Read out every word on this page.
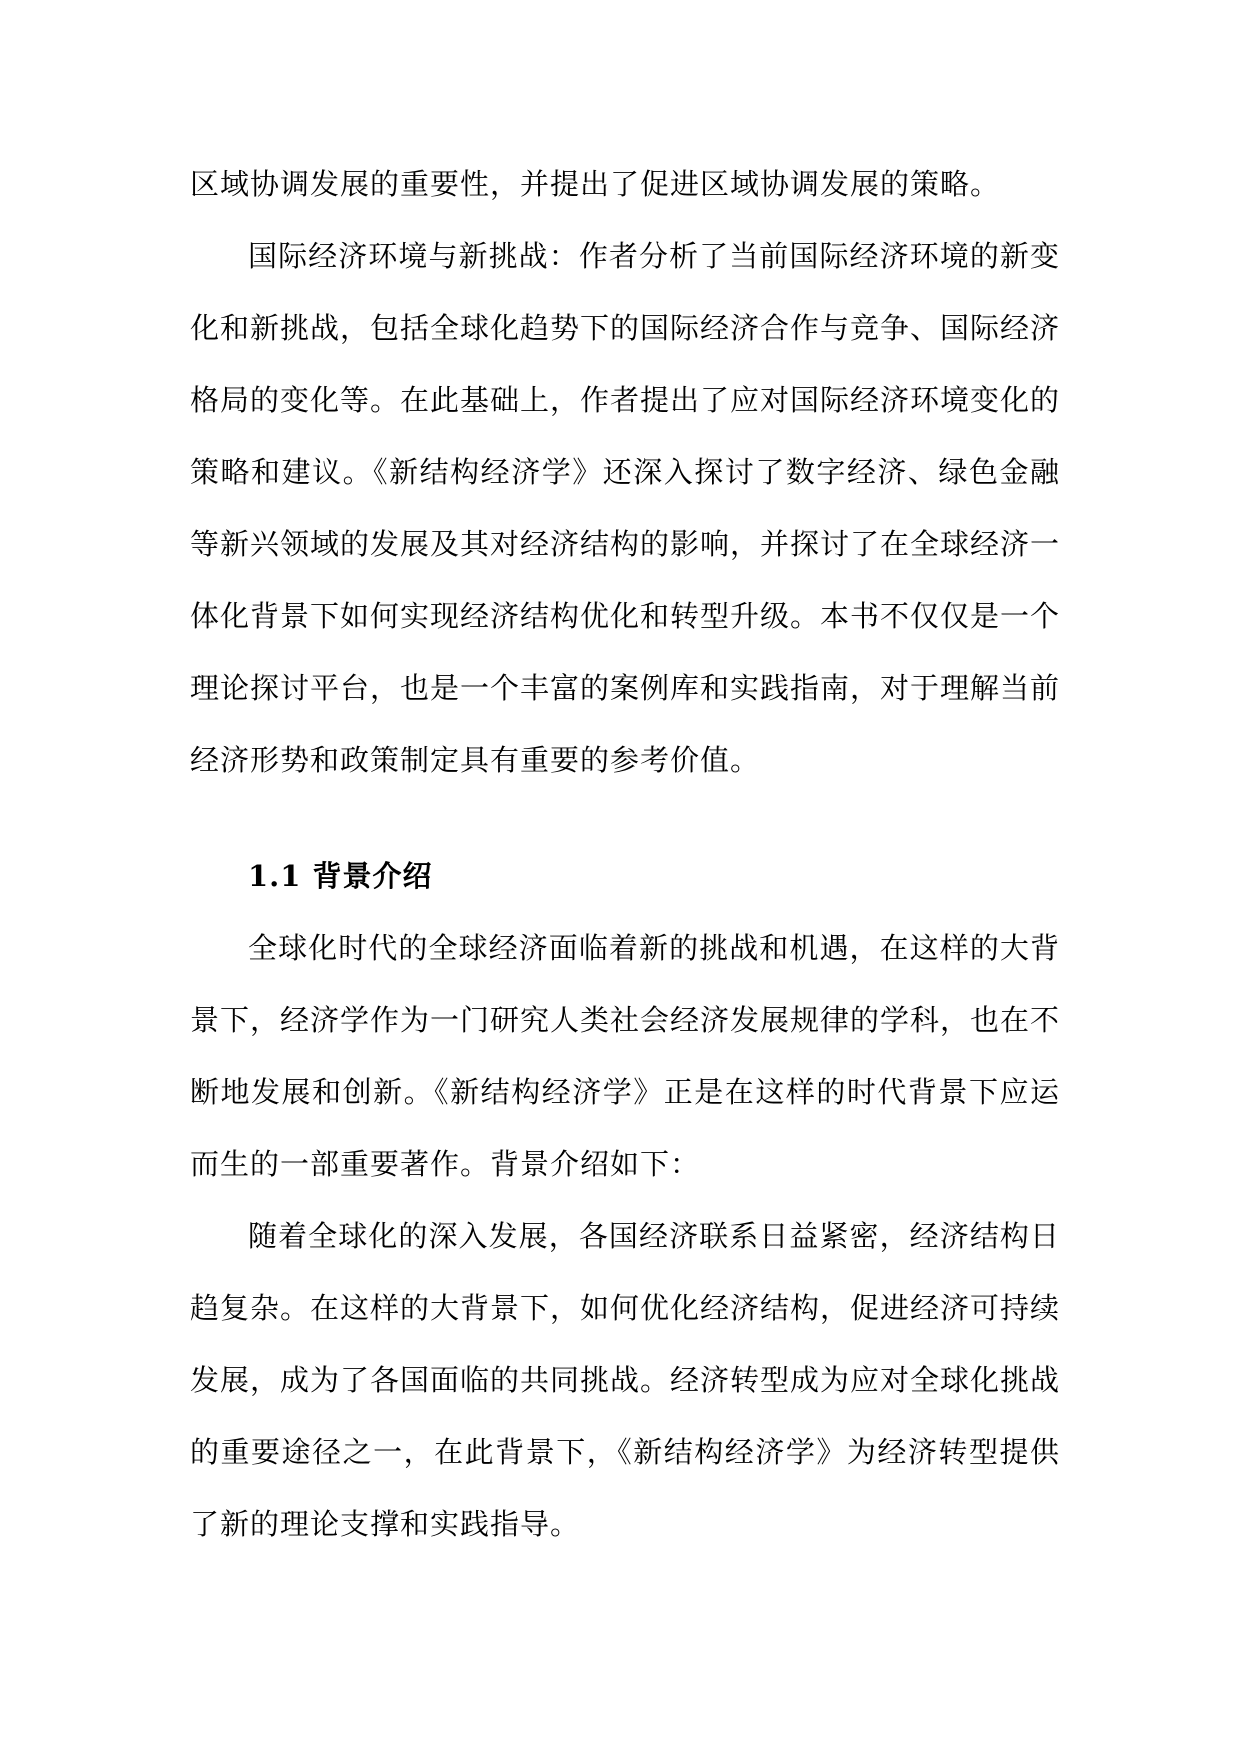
区域协调发展的重要性，并提出了促进区域协调发展的策略。

国际经济环境与新挑战：作者分析了当前国际经济环境的新变化和新挑战，包括全球化趋势下的国际经济合作与竞争、国际经济格局的变化等。在此基础上，作者提出了应对国际经济环境变化的策略和建议。《新结构经济学》还深入探讨了数字经济、绿色金融等新兴领域的发展及其对经济结构的影响，并探讨了在全球经济一体化背景下如何实现经济结构优化和转型升级。本书不仅仅是一个理论探讨平台，也是一个丰富的案例库和实践指南，对于理解当前经济形势和政策制定具有重要的参考价值。

1.1 背景介绍

全球化时代的全球经济面临着新的挑战和机遇，在这样的大背景下，经济学作为一门研究人类社会经济发展规律的学科，也在不断地发展和创新。《新结构经济学》正是在这样的时代背景下应运而生的一部重要著作。背景介绍如下：

随着全球化的深入发展，各国经济联系日益紧密，经济结构日趋复杂。在这样的大背景下，如何优化经济结构，促进经济可持续发展，成为了各国面临的共同挑战。经济转型成为应对全球化挑战的重要途径之一，在此背景下，《新结构经济学》为经济转型提供了新的理论支撑和实践指导。
